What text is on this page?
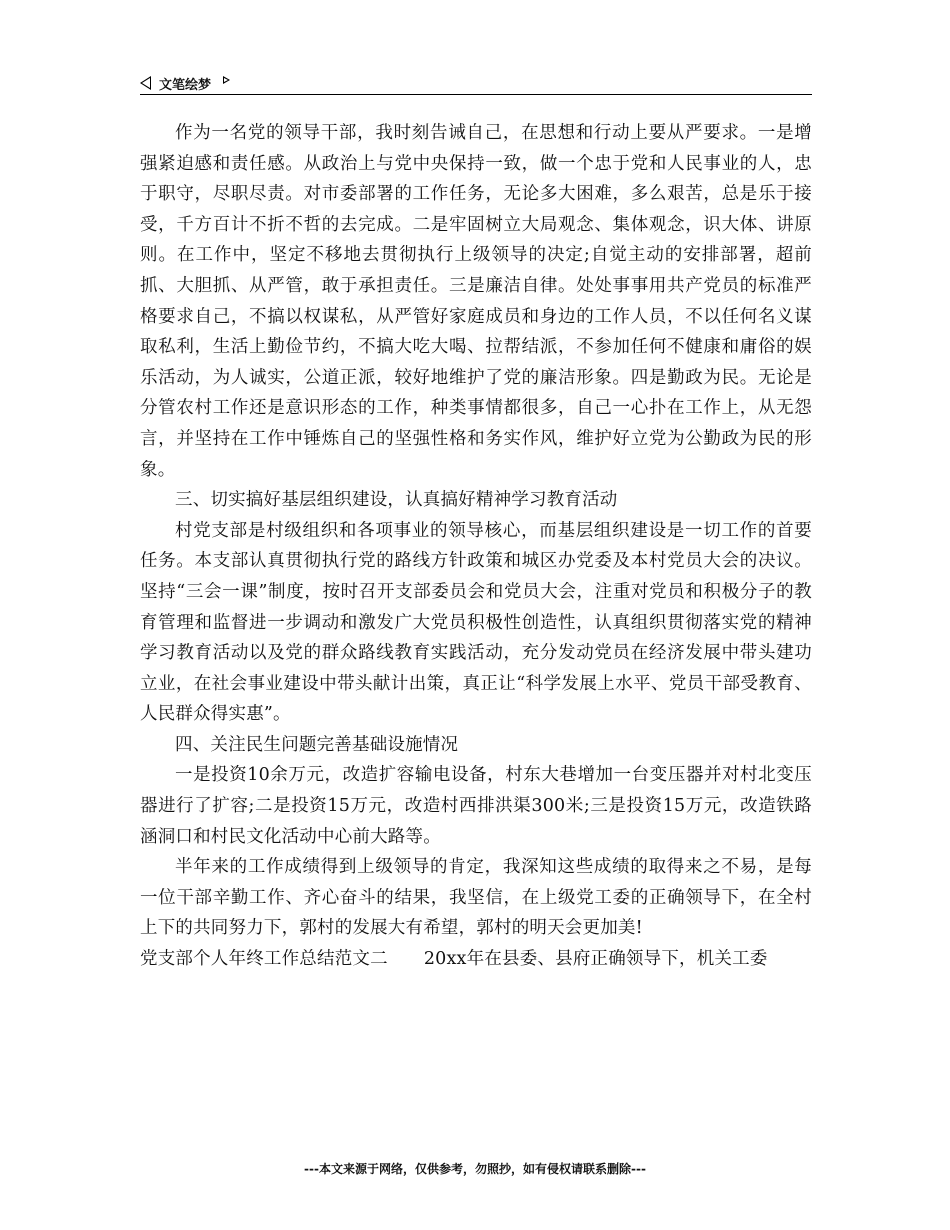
文笔绘梦

作为一名党的领导干部，我时刻告诫自己，在思想和行动上要从严要求。一是增强紧迫感和责任感。从政治上与党中央保持一致，做一个忠于党和人民事业的人，忠于职守，尽职尽责。对市委部署的工作任务，无论多大困难，多么艰苦，总是乐于接受，千方百计不折不哲的去完成。二是牢固树立大局观念、集体观念，识大体、讲原则。在工作中，坚定不移地去贯彻执行上级领导的决定;自觉主动的安排部署，超前抓、大胆抓、从严管，敢于承担责任。三是廉洁自律。处处事事用共产党员的标准严格要求自己，不搞以权谋私，从严管好家庭成员和身边的工作人员，不以任何名义谋取私利，生活上勤俭节约，不搞大吃大喝、拉帮结派，不参加任何不健康和庸俗的娱乐活动，为人诚实，公道正派，较好地维护了党的廉洁形象。四是勤政为民。无论是分管农村工作还是意识形态的工作，种类事情都很多，自己一心扑在工作上，从无怨言，并坚持在工作中锤炼自己的坚强性格和务实作风，维护好立党为公勤政为民的形象。

三、切实搞好基层组织建设，认真搞好精神学习教育活动

村党支部是村级组织和各项事业的领导核心，而基层组织建设是一切工作的首要任务。本支部认真贯彻执行党的路线方针政策和城区办党委及本村党员大会的决议。坚持“三会一课”制度，按时召开支部委员会和党员大会，注重对党员和积极分子的教育管理和监督进一步调动和激发广大党员积极性创造性，认真组织贯彻落实党的精神学习教育活动以及党的群众路线教育实践活动，充分发动党员在经济发展中带头建功立业，在社会事业建设中带头献计出策，真正让“科学发展上水平、党员干部受教育、人民群众得实惠”。

四、关注民生问题完善基础设施情况

一是投资10余万元，改造扩容输电设备，村东大巷增加一台变压器并对村北变压器进行了扩容;二是投资15万元，改造村西排洪渠300米;三是投资15万元，改造铁路涵洞口和村民文化活动中心前大路等。

半年来的工作成绩得到上级领导的肯定，我深知这些成绩的取得来之不易，是每一位干部辛勤工作、齐心奋斗的结果，我坚信，在上级党工委的正确领导下，在全村上下的共同努力下，郭村的发展大有希望，郭村的明天会更加美!

党支部个人年终工作总结范文二 20xx年在县委、县府正确领导下，机关工委

---本文来源于网络，仅供参考，勿照抄，如有侵权请联系删除---
